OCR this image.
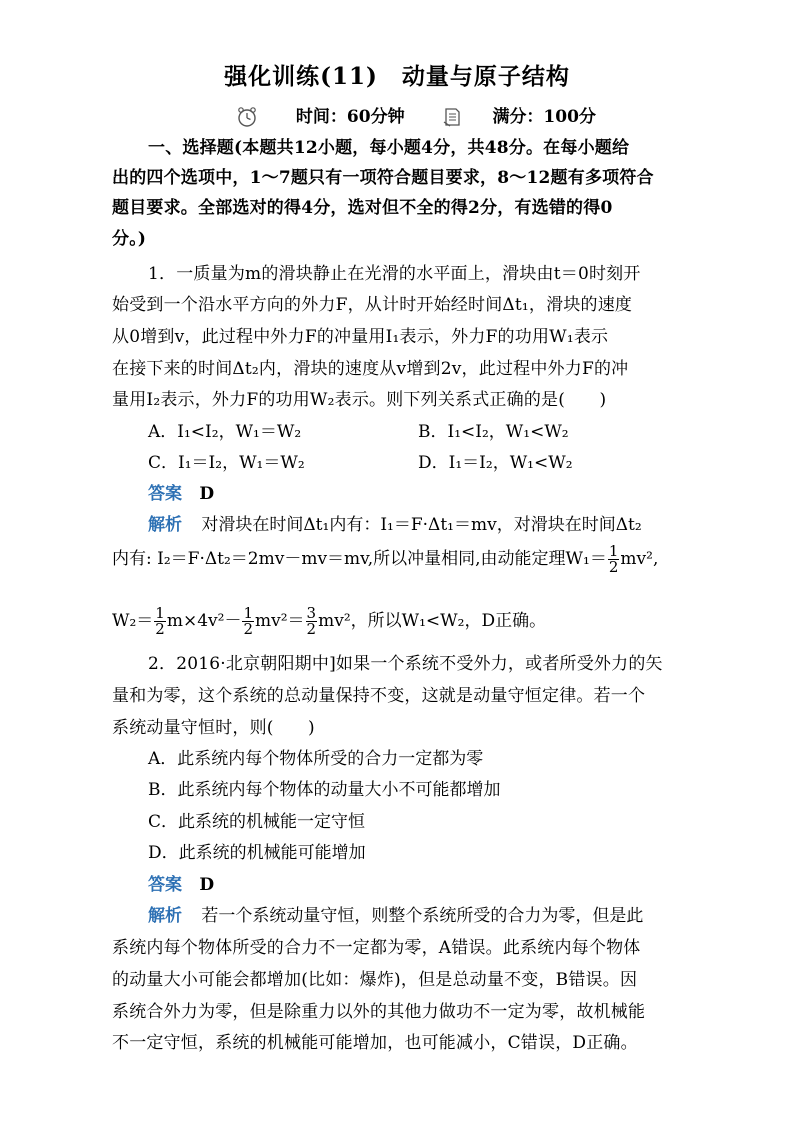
强化训练(11)　动量与原子结构
时间：60分钟	满分：100分
一、选择题(本题共12小题，每小题4分，共48分。在每小题给
出的四个选项中，1～7题只有一项符合题目要求，8～12题有多项符合
题目要求。全部选对的得4分，选对但不全的得2分，有选错的得0
分。)
1．一质量为m的滑块静止在光滑的水平面上，滑块由t＝0时刻开
始受到一个沿水平方向的外力F，从计时开始经时间Δt₁，滑块的速度
从0增到v，此过程中外力F的冲量用I₁表示，外力F的功用W₁表示
在接下来的时间Δt₂内，滑块的速度从v增到2v，此过程中外力F的冲
量用I₂表示，外力F的功用W₂表示。则下列关系式正确的是(　　)
A．I₁<I₂，W₁＝W₂	B．I₁<I₂，W₁<W₂
C．I₁＝I₂，W₁＝W₂	D．I₁＝I₂，W₁<W₂
答案 D
解析 对滑块在时间Δt₁内有：I₁＝F·Δt₁＝mv，对滑块在时间Δt₂
内有: I₂＝F·Δt₂＝2mv－mv＝mv,所以冲量相同,由动能定理$W_1= \frac{1}{2} mv^2$,
$W_2= \frac{1}{2} m\times 4v^2- \frac{1}{2} mv^2= \frac{3}{2} mv^2$，所以W₁<W₂，D正确。
2．2016·北京朝阳期中]如果一个系统不受外力，或者所受外力的矢
量和为零，这个系统的总动量保持不变，这就是动量守恒定律。若一个
系统动量守恒时，则(　　)
A．此系统内每个物体所受的合力一定都为零
B．此系统内每个物体的动量大小不可能都增加
C．此系统的机械能一定守恒
D．此系统的机械能可能增加
答案 D
解析 若一个系统动量守恒，则整个系统所受的合力为零，但是此
系统内每个物体所受的合力不一定都为零，A错误。此系统内每个物体
的动量大小可能会都增加(比如：爆炸)，但是总动量不变，B错误。因
系统合外力为零，但是除重力以外的其他力做功不一定为零，故机械能
不一定守恒，系统的机械能可能增加，也可能减小，C错误，D正确。
